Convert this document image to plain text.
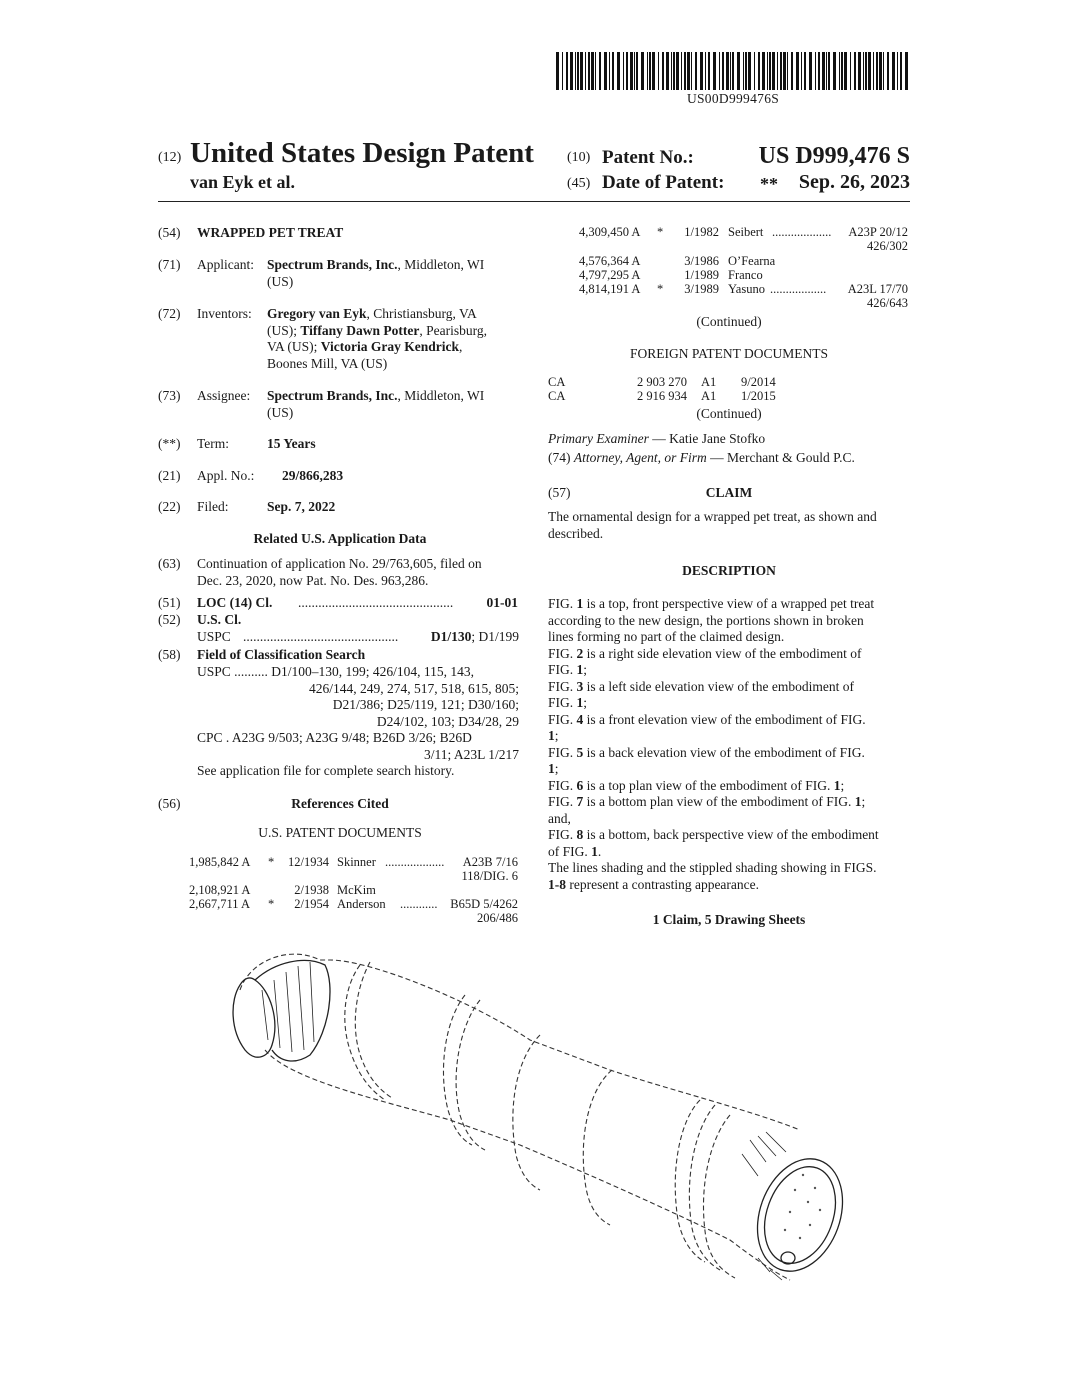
US00D999476S
(12) United States Design Patent
van Eyk et al.
(10) Patent No.:	US D999,476 S
(45) Date of Patent: **	Sep. 26, 2023
(54) WRAPPED PET TREAT
(71) Applicant: Spectrum Brands, Inc., Middleton, WI
(US)
(72) Inventors: Gregory van Eyk, Christiansburg, VA
(US); Tiffany Dawn Potter, Pearisburg,
VA (US); Victoria Gray Kendrick,
Boones Mill, VA (US)
(73) Assignee: Spectrum Brands, Inc., Middleton, WI
(US)
(**) Term:	15 Years
(21) Appl. No.: 29/866,283
(22) Filed:	Sep. 7, 2022
Related U.S. Application Data
(63) Continuation of application No. 29/763,605, filed on
Dec. 23, 2020, now Pat. No. Des. 963,286.
(51) LOC (14) Cl. ..............................................	01-01
(52) U.S. Cl.
USPC ..............................................	D1/130; D1/199
(58) Field of Classification Search
USPC .......... D1/100–130, 199; 426/104, 115, 143,
426/144, 249, 274, 517, 518, 615, 805;
D21/386; D25/119, 121; D30/160;
D24/102, 103; D34/28, 29
CPC . A23G 9/503; A23G 9/48; B26D 3/26; B26D
3/11; A23L 1/217
See application file for complete search history.
(56)	References Cited
U.S. PATENT DOCUMENTS
1,985,842 A *	12/1934 Skinner ...................	A23B 7/16
118/DIG. 6
2,108,921 A	2/1938 McKim
2,667,711 A *	2/1954 Anderson ............	B65D 5/4262
206/486
4,309,450 A *	1/1982 Seibert ...................	A23P 20/12
426/302
4,576,364 A	3/1986 O’Fearna
4,797,295 A	1/1989 Franco
4,814,191 A *	3/1989 Yasuno ..................	A23L 17/70
426/643
(Continued)
FOREIGN PATENT DOCUMENTS
CA	2 903 270 A1 9/2014
CA	2 916 934 A1 1/2015
(Continued)
Primary Examiner — Katie Jane Stofko
(74) Attorney, Agent, or Firm — Merchant & Gould P.C.
(57)	CLAIM
The ornamental design for a wrapped pet treat, as shown and
described.
DESCRIPTION
FIG. 1 is a top, front perspective view of a wrapped pet treat
according to the new design, the portions shown in broken
lines forming no part of the claimed design.
FIG. 2 is a right side elevation view of the embodiment of
FIG. 1;
FIG. 3 is a left side elevation view of the embodiment of
FIG. 1;
FIG. 4 is a front elevation view of the embodiment of FIG.
1;
FIG. 5 is a back elevation view of the embodiment of FIG.
1;
FIG. 6 is a top plan view of the embodiment of FIG. 1;
FIG. 7 is a bottom plan view of the embodiment of FIG. 1;
and,
FIG. 8 is a bottom, back perspective view of the embodiment
of FIG. 1.
The lines shading and the stippled shading showing in FIGS.
1-8 represent a contrasting appearance.
1 Claim, 5 Drawing Sheets
